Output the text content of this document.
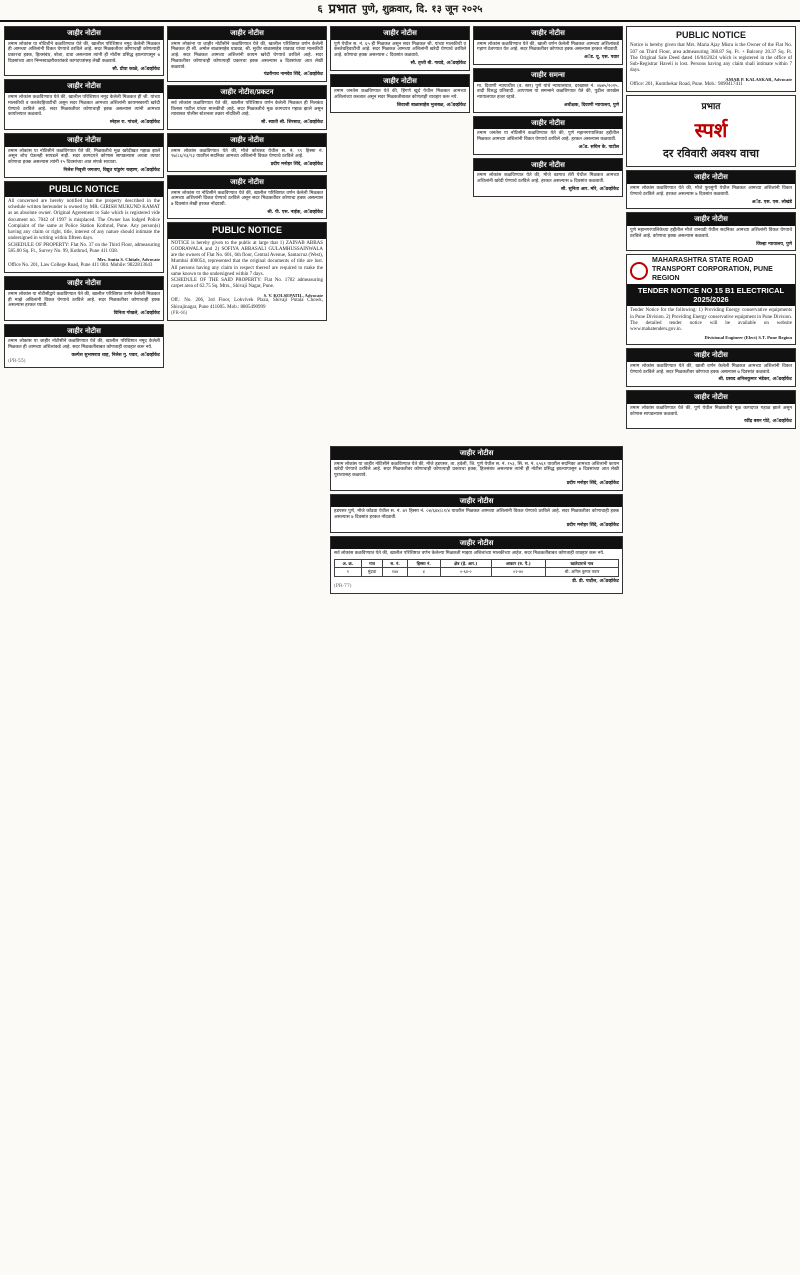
६ प्रभात पुणे, शुक्रवार, दि. १३ जून २०२५
जाहीर नोटीस

तमाम लोकांस या नोटिशीने कळविण्यात येते की, खालील परिशिष्टात नमूद केलेली मिळकत ही आमच्या अशिलांनी विकत घेण्याचे ठरविले आहे. सदर मिळकतीवर कोणाचाही कोणत्याही प्रकारचा हक्क, हितसंबंध, बोजा, दावा असल्यास त्यांनी ही नोटीस प्रसिद्ध झाल्यापासून ७ दिवसांच्या आत निम्नस्वाक्षरीकारांकडे कागदपत्रांसह लेखी कळवावे.

सौ. प्रीया काळे, अॅडव्होकेट

जाहीर नोटीस

तमाम लोकांस कळविण्यात येते की, खालील परिशिष्टात नमूद केलेली मिळकत ही श्री. यांच्या मालकीची व कब्जेवहिवाटीची असून सदर मिळकत आमच्या अशिलांनी कायमस्वरुपी खरेदी घेण्याचे ठरविले आहे. सदर मिळकतीवर कोणाचाही हक्क असल्यास त्यांनी आमच्या कार्यालयात कळवावे.

स्नेहल रा. गांधले, अॅडव्होकेट

जाहीर नोटीस

तमाम लोकांस या नोटिसीने कळविण्यात येते की, मिळकतीचे मूळ खरेदीखत गहाळ झाले असून शोध घेऊनही सापडले नाही. सदर कागदपत्रे कोणास सापडल्यास अथवा त्यावर कोणाचा हक्क असल्यास त्यांनी १५ दिवसांच्या आत संपर्क साधावा.

निलेश निवृत्ती जगताप, विद्युत पांडुरंग चव्हाण, अॅडव्होकेट

PUBLIC NOTICE

All concerned are hereby notified that the property described in the schedule written hereunder is owned by MR. GIRISH MUKUND KAMAT as an absolute owner. Original Agreement to Sale which is registered vide document no. 7042 of 1997 is misplaced. The Owner has lodged Police Complaint of the same at Police Station Kothrud, Pune. Any person(s) having any claim or right, title, interest of any nature should intimate the undersigned in writing within fifteen days.

SCHEDULE OF PROPERTY: Flat No. 37 on the Third Floor, admeasuring 585.00 Sq. Ft., Survey No. 99, Kothrud, Pune 411 038.

Mrs. Smita S. Chitale, Advocate

Office No. 201, Law College Road, Pune 411 004. Mobile: 9822813643

जाहीर नोटीस

तमाम लोकांस या नोटीसीद्वारे कळविण्यात येते की, खालील परिशिष्टात वर्णन केलेली मिळकत ही माझे अशिलांनी विकत घेण्याचे ठरविले आहे. सदर मिळकतीवर कोणाचाही हक्क असल्यास हरकत घ्यावी.

विनिता गोखले, अॅडव्होकेट

जाहीर नोटीस

तमाम लोकांस या जाहीर नोटीसीने कळविण्यात येते की, खालील परिशिष्टात नमूद केलेली मिळकत ही आमच्या अशिलांकडे आहे. सदर मिळकतीबाबत कोणताही व्यवहार करू नये.

कल्पेश सुभाषराव शाह, निलेश गु. पवार, अॅडव्होकेट

(PR-55)

जाहीर नोटीस

तमाम लोकांना या जाहीर नोटीसीने कळविण्यात येते की, खालील परिशिष्टात वर्णन केलेली मिळकत ही श्री. अमोल बाळासाहेब धाडवड, श्री. सुधीर बाळासाहेब धाडवड यांच्या मालकीची आहे. सदर मिळकत आमच्या अशिलांनी कायम खरेदी घेण्याचे ठरविले आहे. सदर मिळकतीवर कोणाचाही कोणत्याही प्रकारचा हक्क असल्यास ७ दिवसांच्या आत लेखी कळवावे.

पंढरीनाथ नामदेव शिंदे, अॅडव्होकेट

जाहीर नोटीस/प्रकटन

सर्व लोकांस कळविण्यात येते की, खालील परिशिष्टात वर्णन केलेली मिळकत ही निलकंठ विलास पाटील यांच्या मालकीची आहे. सदर मिळकतीचे मूळ कागदपत्र गहाळ झाले असून त्याबाबत पोलीस स्टेशनला तक्रार नोंदविली आहे.

सौ. स्वाती श्री. शिरसाठ, अॅडव्होकेट

जाहीर नोटीस

तमाम लोकांस कळविण्यात येते की, मौजे कोथरुड येथील स. नं. ९९ हिस्सा नं. ९७/८६/२३/९३ यावरील सदनिका आमच्या अशिलांनी विकत घेण्याचे ठरविले आहे.

प्रदीप मनोहर शिंदे, अॅडव्होकेट

जाहीर नोटीस

तमाम लोकांस या नोटिसीने कळविण्यात येते की, खालील परिशिष्टात वर्णन केलेली मिळकत आमच्या अशिलांनी विकत घेण्याचे ठरविले असून सदर मिळकतीवर कोणाचा हक्क असल्यास ७ दिवसांत लेखी हरकत नोंदवावी.

श्री. पी. एस. नाईक, अॅडव्होकेट

PUBLIC NOTICE

NOTICE is hereby given to the public at large that 1) ZAINAB ABBAS GODRAWALA and 2) SOFIYA ABBASALI GULAMHUSSAINWALA are the owners of Flat No. 601, 6th floor, Central Avenue, Santacruz (West), Mumbai 400054, represented that the original documents of title are lost. All persons having any claim in respect thereof are required to make the same known to the undersigned within 7 days.

SCHEDULE OF THE SAID PROPERTY: Flat No. 1702 admeasuring carpet area of 62.75 Sq. Mtrs., Shivaji Nagar, Pune.

S. V. KOLSEPATIL, Advocate

Off.: No. 206, 3rd Floor, Lokvivek Plaza, Shivaji Putala Chowk, Shivajinagar, Pune 411005. Mob.: 8805490999

(PR-66)

जाहीर नोटीस

पुणे येथील स. नं. ६५ ही मिळकत असून सदर मिळकत श्री. यांच्या मालकीची व कब्जेवहिवाटीची आहे. सदर मिळकत आमच्या अशिलांनी खरेदी घेण्याचे ठरविले आहे. कोणाचा हक्क असल्यास ८ दिवसांत कळवावे.

सौ. तृप्ती बी. गावडे, अॅडव्होकेट

जाहीर नोटीस

तमाम जनतेस कळविण्यात येते की, हिंगणे खुर्द येथील मिळकत आमच्या अशिलांच्या कब्जात असून सदर मिळकतीबाबत कोणताही व्यवहार करू नये.

शिवाजी बाळासाहेब भुजबळ, अॅडव्होकेट

जाहीर नोटीस

तमाम लोकांस कळविण्यात येते की, खाली वर्णन केलेली मिळकत आमच्या अशिलांकडे गहाण ठेवण्यात येत आहे. सदर मिळकतीवर कोणाचा हक्क असल्यास हरकत नोंदवावी.

अॅड. यू. एस. पवार

जाहीर समन्स

मा. दिवाणी न्यायाधीश (व. स्तर) पुणे यांचे न्यायालयात, दरखास्त नं. ०७४५/२०२५. वादी विरुद्ध प्रतिवादी. आपणास या समन्सने कळविण्यात येते की, पुढील तारखेस न्यायालयात हजर रहावे.

अधीक्षक, दिवाणी न्यायालय, पुणे

जाहीर नोटीस

तमाम जनतेस या नोटिसीने कळविण्यात येते की, पुणे महानगरपालिका हद्दीतील मिळकत आमच्या अशिलांनी विकत घेण्याचे ठरविले आहे. हरकत असल्यास कळवावी.

अॅड. सचिन के. पाटील

जाहीर नोटीस

तमाम लोकांस कळविण्यात येते की, मौजे वडगाव शेरी येथील मिळकत आमच्या अशिलांनी खरेदी घेण्याचे ठरविले आहे. हरकत असल्यास ७ दिवसांत कळवावी.

सौ. सुनिता आर. मोरे, अॅडव्होकेट

जाहीर नोटीस

तमाम लोकांस या जाहीर नोटिसीने कळविण्यात येते की, मौजे हडपसर, ता. हवेली, जि. पुणे येथील स. नं. १५३, सि. स. नं. ६५६१ यावरील सदनिका आमच्या अशिलांनी कायम खरेदी घेण्याचे ठरविले आहे. सदर मिळकतीवर कोणाचाही कोणत्याही प्रकारचा हक्क, हितसंबंध असल्यास त्यांनी ही नोटीस प्रसिद्ध झाल्यापासून ७ दिवसांच्या आत लेखी पुराव्यासह कळवावे.

प्रदीप मनोहर शिंदे, अॅडव्होकेट

जाहीर नोटीस

हडपसर पुणे, मौजे कोंढवा येथील स. नं. ७९ हिस्सा नं. ०४/६४४/८१/४ यावरील मिळकत आमच्या अशिलांनी विकत घेण्याचे ठरविले आहे. सदर मिळकतीवर कोणाचाही हक्क असल्यास ७ दिवसांत हरकत नोंदवावी.

प्रदीप मनोहर शिंदे, अॅडव्होकेट

जाहीर नोटीस

सर्व लोकांस कळविण्यात येते की, खालील परिशिष्टात वर्णन केलेल्या मिळकती माझ्या अशिलांच्या मालकीच्या आहेत. सदर मिळकतींबाबत कोणताही व्यवहार करू नये.

अ. क्र.	गाव	स. नं.	हिस्सा नं.	क्षेत्र (हे. आर.)	आकार (रु. पै.)	खातेदाराचे नाव
१	मुंढवा	१४४	४	०-६४-०	०२-४०	श्री. अनिल कुमार पवार

डी. डी. पाटील, अॅडव्होकेट

(PR-77)

PUBLIC NOTICE

Notice is hereby given that Mrs. Maria Ajay Misra is the Owner of the Flat No. 507 on Third Floor, area admeasuring 368.87 Sq. Ft. + Balcony 20.37 Sq. Ft. The Original Sale Deed dated 16/04/2024 which is registered in the office of Sub-Registrar Haveli is lost. Persons having any claim shall intimate within 7 days.

AMAR P. KALASKAR, Advocate

Office: 201, Kumthekar Road, Pune. Mob.: 9890417411

प्रभात
स्पर्श
दर रविवारी अवश्य वाचा
जाहीर नोटीस

तमाम लोकांस कळविण्यात येते की, मौजे फुरसुंगी येथील मिळकत आमच्या अशिलांनी विकत घेण्याचे ठरविले आहे. हरकत असल्यास ७ दिवसांत कळवावी.

अॅड. एस. एस. लोखंडे

जाहीर नोटीस

पुणे महानगरपालिकेच्या हद्दीतील मौजे वानवडी येथील सदनिका आमच्या अशिलांनी विकत घेण्याचे ठरविले आहे. कोणाचा हक्क असल्यास कळवावे.

जिल्हा न्यायालय, पुणे

MAHARASHTRA STATE ROAD TRANSPORT CORPORATION, PUNE REGION
TENDER NOTICE NO 15 B1 ELECTRICAL 2025/2026

Tender Notice for the following: 1) Providing Energy conservative equipments in Pune Division. 2) Providing Energy conservative equipment in Pune Division. The detailed tender notice will be available on website www.mahatenders.gov.in.

Divisional Engineer (Elect) S.T. Pune Region

जाहीर नोटीस

तमाम लोकांस कळविण्यात येते की, खाली वर्णन केलेली मिळकत आमच्या अशिलांनी विकत घेण्याचे ठरविले आहे. सदर मिळकतीवर कोणाचा हक्क असल्यास ७ दिवसांत कळवावे.

श्री. प्रसाद अनिलकुमार भंडेकर, अॅडव्होकेट

जाहीर नोटीस

तमाम लोकांस कळविण्यात येते की, पुणे येथील मिळकतीचे मूळ कागदपत्र गहाळ झाले असून कोणास सापडल्यास कळवावे.

रवींद्र बबन पोटे, अॅडव्होकेट
